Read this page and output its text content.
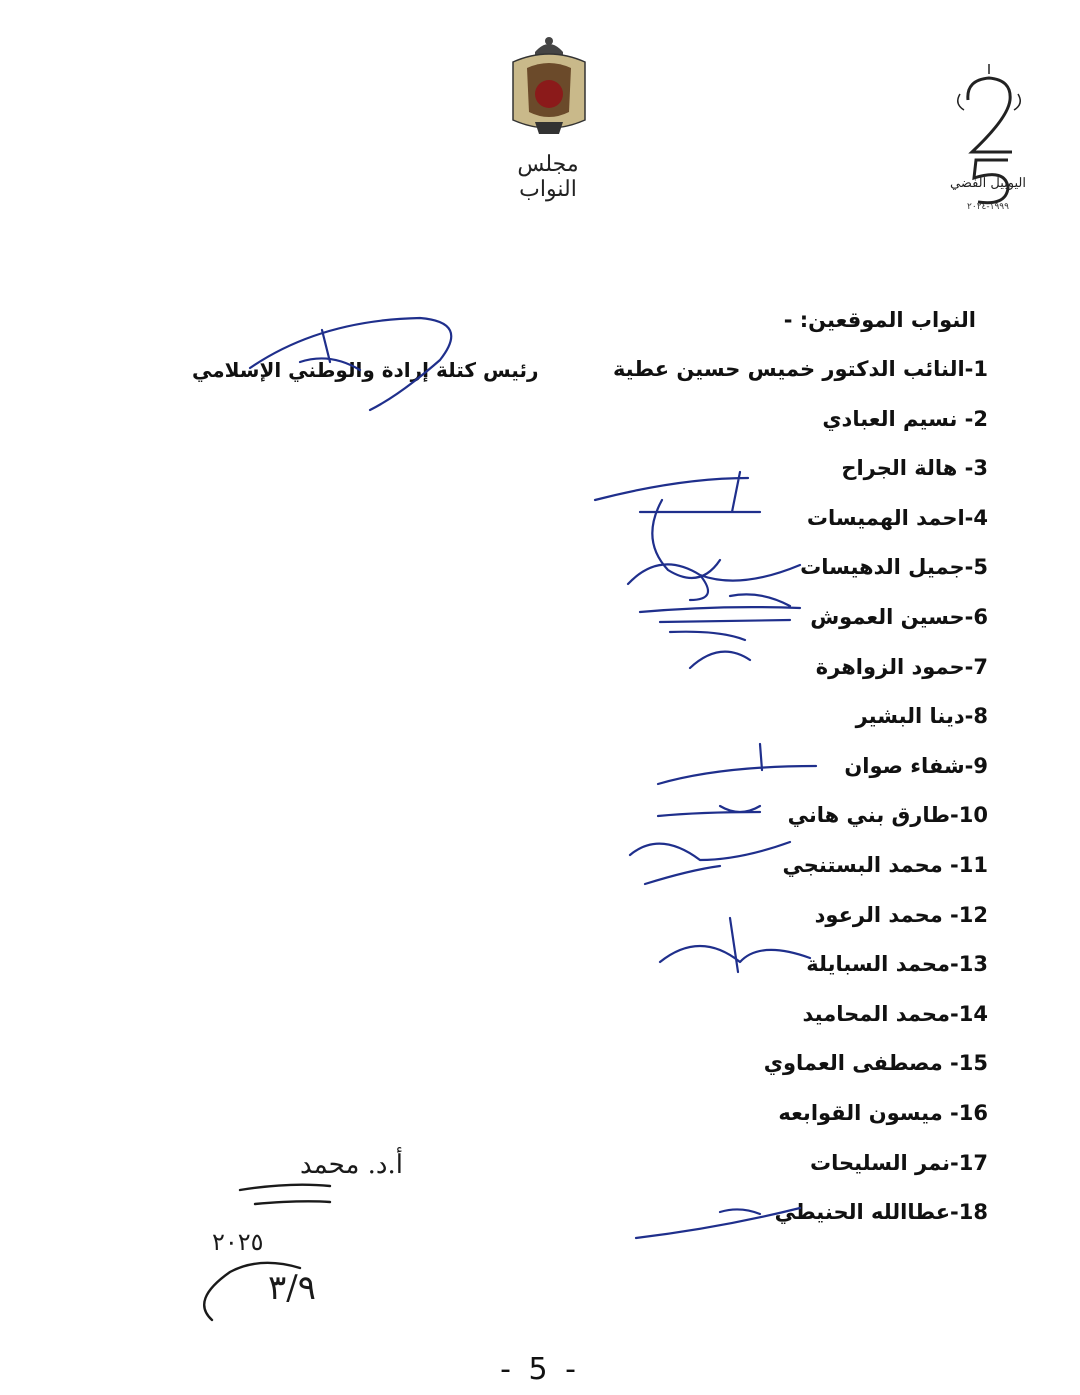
مجلس النواب	اليوبيل الفضي
١٩٩٩-٢٠٢٤
النواب الموقعين: -
رئيس كتلة إرادة والوطني الإسلامي	1-النائب الدكتور خميس حسين عطية
2- نسيم العبادي
3- هالة الجراح
4-احمد الهميسات
5-جميل الدهيسات
6-حسين العموش
7-حمود الزواهرة
8-دينا البشير
9-شفاء صوان
10-طارق بني هاني
11- محمد البستنجي
12- محمد الرعود
13-محمد السبايلة
14-محمد المحاميد
15- مصطفى العماوي
16- ميسون القوابعه
17-نمر السليحات
18-عطاالله الحنيطي
أ.د. محمد
٢٠٢٥
٣/٩
- 5 -
